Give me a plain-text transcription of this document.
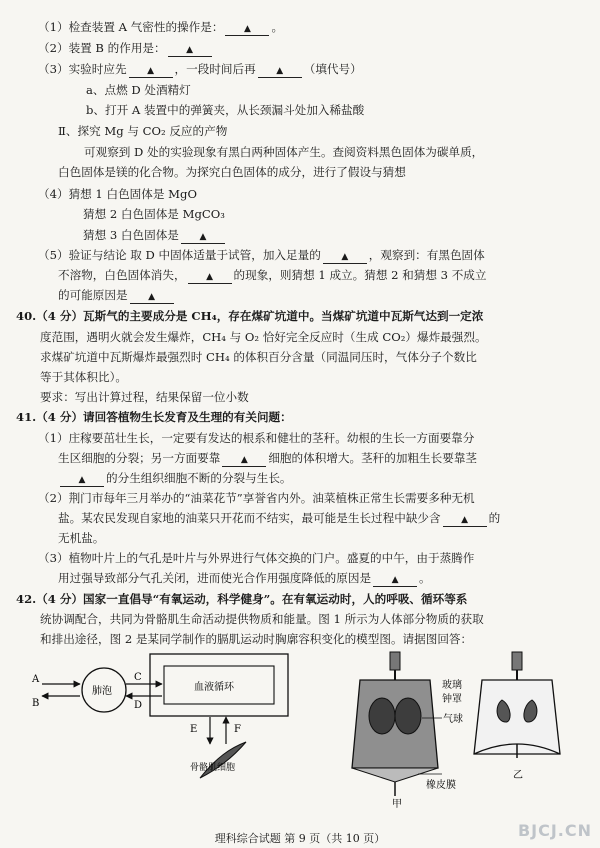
（1）检查装置 A 气密性的操作是： ▲ 。
（2）装置 B 的作用是： ▲
（3）实验时应先 ▲ ，一段时间后再 ▲ （填代号）
a、点燃 D 处酒精灯
b、打开 A 装置中的弹簧夹，从长颈漏斗处加入稀盐酸
Ⅱ、探究 Mg 与 CO₂ 反应的产物
可观察到 D 处的实验现象有黑白两种固体产生。查阅资料黑色固体为碳单质，
白色固体是镁的化合物。为探究白色固体的成分，进行了假设与猜想
（4）猜想 1 白色固体是 MgO
猜想 2 白色固体是 MgCO₃
猜想 3 白色固体是 ▲
（5）验证与结论 取 D 中固体适量于试管，加入足量的 ▲ ，观察到：有黑色固体
不溶物，白色固体消失， ▲ 的现象，则猜想 1 成立。猜想 2 和猜想 3 不成立
的可能原因是 ▲
40.（4 分）瓦斯气的主要成分是 CH₄，存在煤矿坑道中。当煤矿坑道中瓦斯气达到一定浓
度范围，遇明火就会发生爆炸，CH₄ 与 O₂ 恰好完全反应时（生成 CO₂）爆炸最强烈。
求煤矿坑道中瓦斯爆炸最强烈时 CH₄ 的体积百分含量（同温同压时，气体分子个数比
等于其体积比）。
要求：写出计算过程，结果保留一位小数
41.（4 分）请回答植物生长发育及生理的有关问题：
（1）庄稼要茁壮生长，一定要有发达的根系和健壮的茎秆。幼根的生长一方面要靠分
生区细胞的分裂；另一方面要靠 ▲ 细胞的体积增大。茎秆的加粗生长要靠茎
▲ 的分生组织细胞不断的分裂与生长。
（2）荆门市每年三月举办的“油菜花节”享誉省内外。油菜植株正常生长需要多种无机
盐。某农民发现自家地的油菜只开花而不结实，最可能是生长过程中缺少含 ▲ 的
无机盐。
（3）植物叶片上的气孔是叶片与外界进行气体交换的门户。盛夏的中午，由于蒸腾作
用过强导致部分气孔关闭，进而使光合作用强度降低的原因是 ▲ 。
42.（4 分）国家一直倡导“有氧运动，科学健身”。在有氧运动时，人的呼吸、循环等系
统协调配合，共同为骨骼肌生命活动提供物质和能量。图 1 所示为人体部分物质的获取
和排出途径，图 2 是某同学制作的膈肌运动时胸廓容积变化的模型图。请据图回答：
A
B
肺泡
C
D
血液循环
E	F
骨骼肌细胞
玻璃
钟罩
气球
橡皮膜
甲
乙
理科综合试题 第 9 页（共 10 页）	BJCJ.CN
